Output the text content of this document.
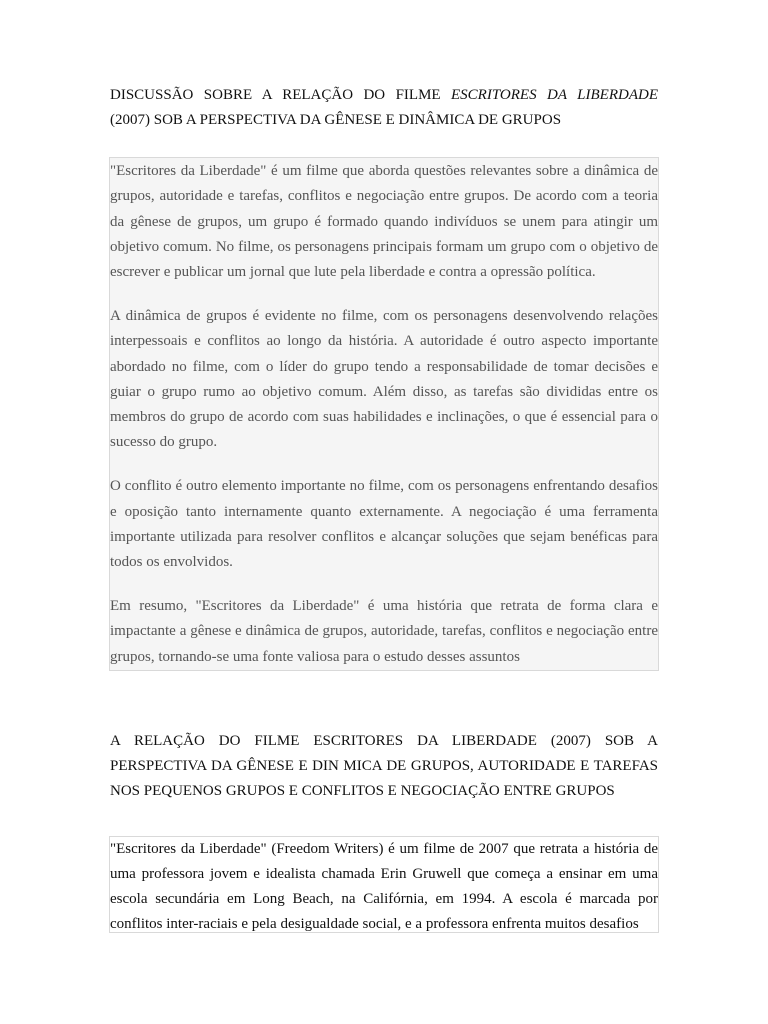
DISCUSSÃO SOBRE A RELAÇÃO DO FILME ESCRITORES DA LIBERDADE
(2007) SOB A PERSPECTIVA DA GÊNESE E DINÂMICA DE GRUPOS

"Escritores da Liberdade" é um filme que aborda questões relevantes sobre a dinâmica de grupos, autoridade e tarefas, conflitos e negociação entre grupos. De acordo com a teoria da gênese de grupos, um grupo é formado quando indivíduos se unem para atingir um objetivo comum. No filme, os personagens principais formam um grupo com o objetivo de escrever e publicar um jornal que lute pela liberdade e contra a opressão política.

A dinâmica de grupos é evidente no filme, com os personagens desenvolvendo relações interpessoais e conflitos ao longo da história. A autoridade é outro aspecto importante abordado no filme, com o líder do grupo tendo a responsabilidade de tomar decisões e guiar o grupo rumo ao objetivo comum. Além disso, as tarefas são divididas entre os membros do grupo de acordo com suas habilidades e inclinações, o que é essencial para o sucesso do grupo.

O conflito é outro elemento importante no filme, com os personagens enfrentando desafios e oposição tanto internamente quanto externamente. A negociação é uma ferramenta importante utilizada para resolver conflitos e alcançar soluções que sejam benéficas para todos os envolvidos.

Em resumo, "Escritores da Liberdade" é uma história que retrata de forma clara e impactante a gênese e dinâmica de grupos, autoridade, tarefas, conflitos e negociação entre grupos, tornando-se uma fonte valiosa para o estudo desses assuntos

A RELAÇÃO DO FILME ESCRITORES DA LIBERDADE (2007) SOB A PERSPECTIVA DA GÊNESE E DIN MICA DE GRUPOS, AUTORIDADE E TAREFAS NOS PEQUENOS GRUPOS E CONFLITOS E NEGOCIAÇÃO ENTRE GRUPOS

"Escritores da Liberdade" (Freedom Writers) é um filme de 2007 que retrata a história de uma professora jovem e idealista chamada Erin Gruwell que começa a ensinar em uma escola secundária em Long Beach, na Califórnia, em 1994. A escola é marcada por conflitos inter-raciais e pela desigualdade social, e a professora enfrenta muitos desafios
